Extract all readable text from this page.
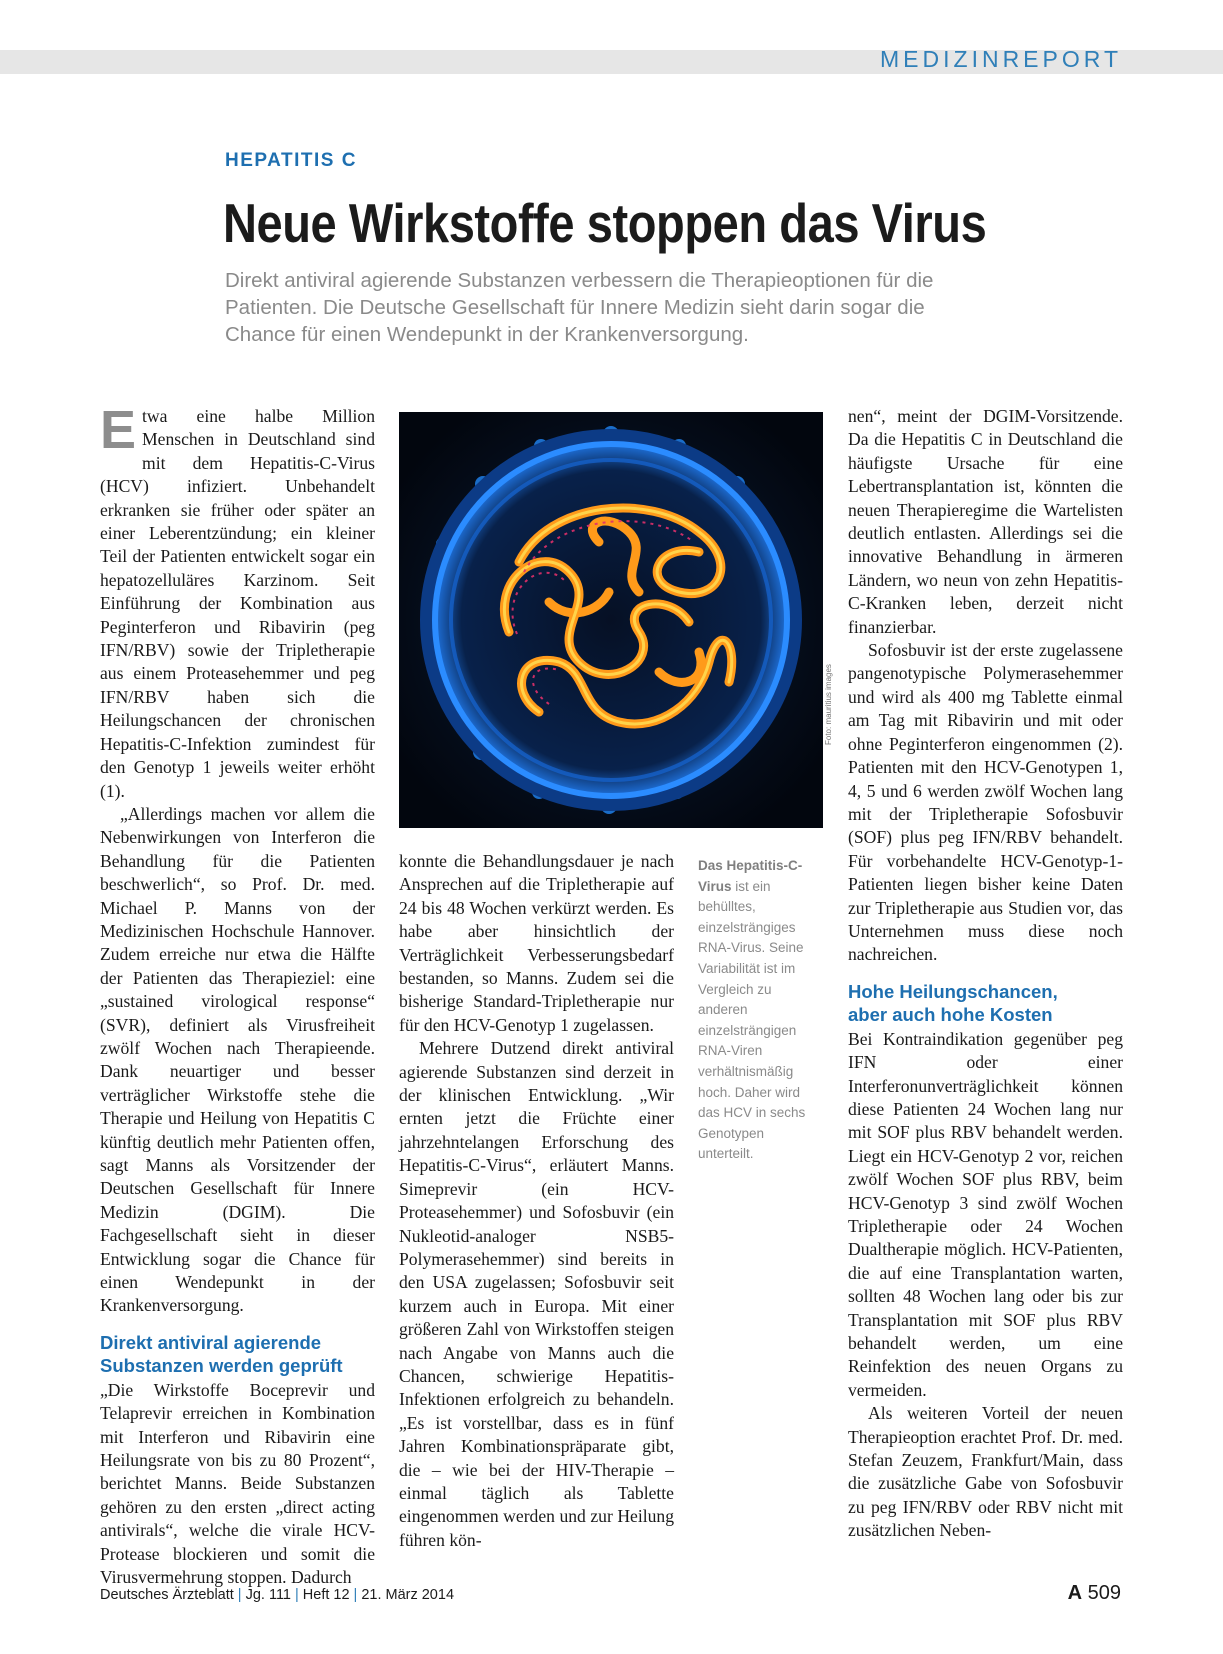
MEDIZINREPORT
HEPATITIS C
Neue Wirkstoffe stoppen das Virus
Direkt antiviral agierende Substanzen verbessern die Therapieoptionen für die Patienten. Die Deutsche Gesellschaft für Innere Medizin sieht darin sogar die Chance für einen Wendepunkt in der Krankenversorgung.

Etwa eine halbe Million Menschen in Deutschland sind mit dem Hepatitis-C-Virus (HCV) infiziert. Unbehandelt erkranken sie früher oder später an einer Leberentzündung; ein kleiner Teil der Patienten entwickelt sogar ein hepatozelluläres Karzinom. Seit Einführung der Kombination aus Peginterferon und Ribavirin (peg IFN/RBV) sowie der Tripletherapie aus einem Proteasehemmer und peg IFN/RBV haben sich die Heilungschancen der chronischen Hepatitis-C-Infektion zumindest für den Genotyp 1 jeweils weiter erhöht (1).

„Allerdings machen vor allem die Nebenwirkungen von Interferon die Behandlung für die Patienten beschwerlich“, so Prof. Dr. med. Michael P. Manns von der Medizinischen Hochschule Hannover. Zudem erreiche nur etwa die Hälfte der Patienten das Therapieziel: eine „sustained virological response“ (SVR), definiert als Virusfreiheit zwölf Wochen nach Therapieende. Dank neuartiger und besser verträglicher Wirkstoffe stehe die Therapie und Heilung von Hepatitis C künftig deutlich mehr Patienten offen, sagt Manns als Vorsitzender der Deutschen Gesellschaft für Innere Medizin (DGIM). Die Fachgesellschaft sieht in dieser Entwicklung sogar die Chance für einen Wendepunkt in der Krankenversorgung.

Direkt antiviral agierende
Substanzen werden geprüft

„Die Wirkstoffe Boceprevir und Telaprevir erreichen in Kombination mit Interferon und Ribavirin eine Heilungsrate von bis zu 80 Prozent“, berichtet Manns. Beide Substanzen gehören zu den ersten „direct acting antivirals“, welche die virale HCV-Protease blockieren und somit die Virusvermehrung stoppen. Dadurch

Foto: mauritius images

konnte die Behandlungsdauer je nach Ansprechen auf die Tripletherapie auf 24 bis 48 Wochen verkürzt werden. Es habe aber hinsichtlich der Verträglichkeit Verbesserungsbedarf bestanden, so Manns. Zudem sei die bisherige Standard-Tripletherapie nur für den HCV-Genotyp 1 zugelassen.

Mehrere Dutzend direkt antiviral agierende Substanzen sind derzeit in der klinischen Entwicklung. „Wir ernten jetzt die Früchte einer jahrzehntelangen Erforschung des Hepatitis-C-Virus“, erläutert Manns. Simeprevir (ein HCV-Proteasehemmer) und Sofosbuvir (ein Nukleotid-analoger NSB5-Polymerasehemmer) sind bereits in den USA zugelassen; Sofosbuvir seit kurzem auch in Europa. Mit einer größeren Zahl von Wirkstoffen steigen nach Angabe von Manns auch die Chancen, schwierige Hepatitis-Infektionen erfolgreich zu behandeln. „Es ist vorstellbar, dass es in fünf Jahren Kombinationspräparate gibt, die – wie bei der HIV-Therapie – einmal täglich als Tablette eingenommen werden und zur Heilung führen kön-

Das Hepatitis-C-Virus ist ein behülltes, einzelsträngiges RNA-Virus. Seine Variabilität ist im Vergleich zu anderen einzelsträngigen RNA-Viren verhältnismäßig hoch. Daher wird das HCV in sechs Genotypen unterteilt.

nen“, meint der DGIM-Vorsitzende. Da die Hepatitis C in Deutschland die häufigste Ursache für eine Lebertransplantation ist, könnten die neuen Therapieregime die Wartelisten deutlich entlasten. Allerdings sei die innovative Behandlung in ärmeren Ländern, wo neun von zehn Hepatitis-C-Kranken leben, derzeit nicht finanzierbar.

Sofosbuvir ist der erste zugelassene pangenotypische Polymerasehemmer und wird als 400 mg Tablette einmal am Tag mit Ribavirin und mit oder ohne Peginterferon eingenommen (2). Patienten mit den HCV-Genotypen 1, 4, 5 und 6 werden zwölf Wochen lang mit der Tripletherapie Sofosbuvir (SOF) plus peg IFN/RBV behandelt. Für vorbehandelte HCV-Genotyp-1-Patienten liegen bisher keine Daten zur Tripletherapie aus Studien vor, das Unternehmen muss diese noch nachreichen.

Hohe Heilungschancen,
aber auch hohe Kosten

Bei Kontraindikation gegenüber peg IFN oder einer Interferonunverträglichkeit können diese Patienten 24 Wochen lang nur mit SOF plus RBV behandelt werden. Liegt ein HCV-Genotyp 2 vor, reichen zwölf Wochen SOF plus RBV, beim HCV-Genotyp 3 sind zwölf Wochen Tripletherapie oder 24 Wochen Dualtherapie möglich. HCV-Patienten, die auf eine Transplantation warten, sollten 48 Wochen lang oder bis zur Transplantation mit SOF plus RBV behandelt werden, um eine Reinfektion des neuen Organs zu vermeiden.

Als weiteren Vorteil der neuen Therapieoption erachtet Prof. Dr. med. Stefan Zeuzem, Frankfurt/Main, dass die zusätzliche Gabe von Sofosbuvir zu peg IFN/RBV oder RBV nicht mit zusätzlichen Neben-

Deutsches Ärzteblatt | Jg. 111 | Heft 12 | 21. März 2014	A 509
